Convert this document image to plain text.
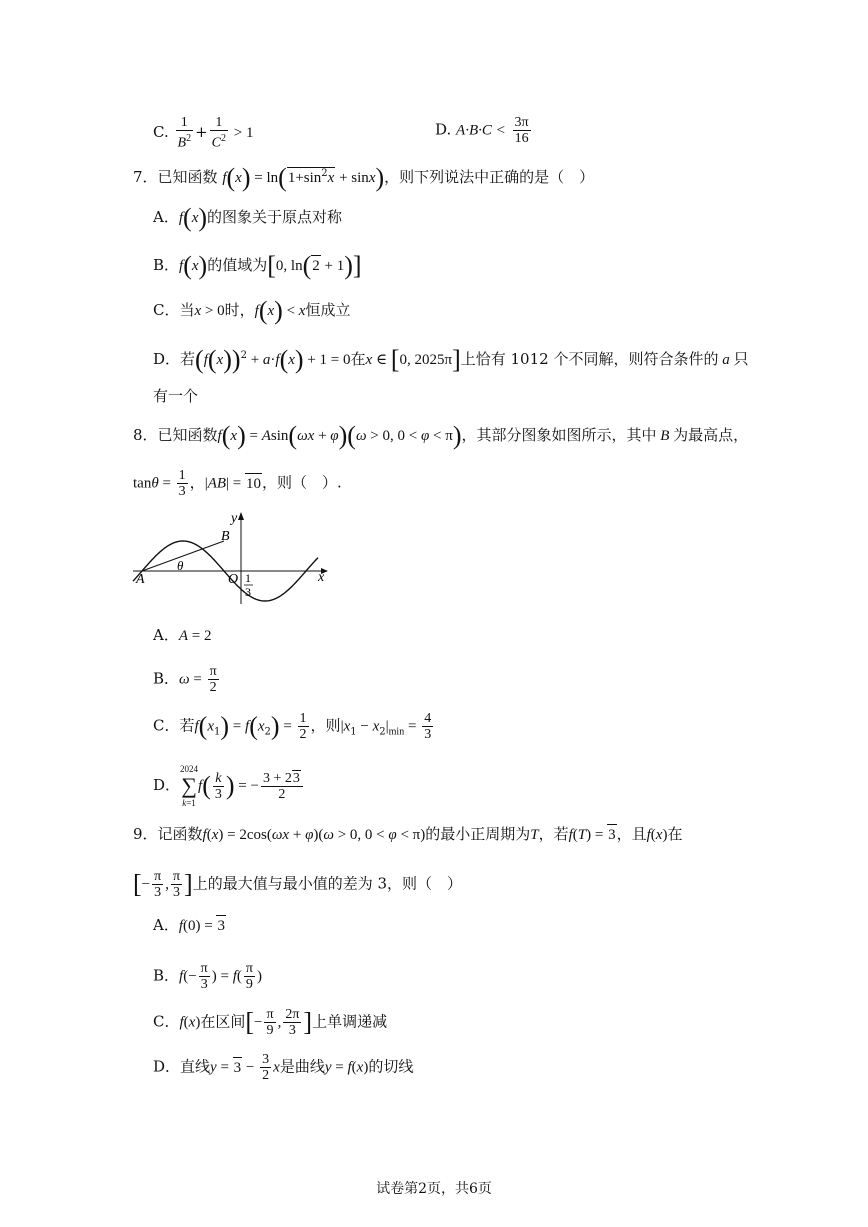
C. $\frac{1}{B^2} + \frac{1}{C^2} > 1$	D. $A\cdot B\cdot C < \frac{3\pi}{16}$
7．已知函数 $f(x) = \ln(1+\sin^2x + \sin x)$，则下列说法中正确的是（　）
A．f(x)的图象关于原点对称
B．f(x)的值域为[0, ln(2 + 1)]
C．当x > 0时，f(x) < x恒成立
D．若$(f(x))^2 + a\cdot f(x) + 1 = 0$在x ∈ [0, 2025π]上恰有 1012 个不同解，则符合条件的 a 只
有一个
8．已知函数f(x) = Asin(ωx + φ)(ω > 0, 0 < φ < π)，其部分图象如图所示，其中 B 为最高点，
$\tan\theta = \frac{1}{3}$ ，|AB| = 10，则（　）.
y
x
O
A
B
θ
1
3
A．A = 2
B．$\omega = \frac{\pi}{2}$
C．若$f(x_1) = f(x_2) = \frac{1}{2}$ ，则$|x_1 - x_2|_{min} = \frac{4}{3}$
D．
2024
∑
k=1
$f( \frac{k}{3}$ ) = − $\frac{3 + 23}{2}$
9．记函数f(x) = 2cos(ωx + φ)(ω > 0, 0 < φ < π)的最小正周期为T，若f(T) = 3，且f(x)在
[− $\frac{\pi}{3}$ , $\frac{\pi}{3}$ ]上的最大值与最小值的差为 3，则（　）
A．f(0) = 3
B．$f(- \frac{\pi}{3}$ ) = $f( \frac{\pi}{9}$ )
C．f(x)在区间[− $\frac{\pi}{9}$ , $\frac{2\pi}{3}$ ]上单调递减
D．直线$y = 3 - \frac{3}{2}$ x是曲线y = f(x)的切线
试卷第2页，共6页
